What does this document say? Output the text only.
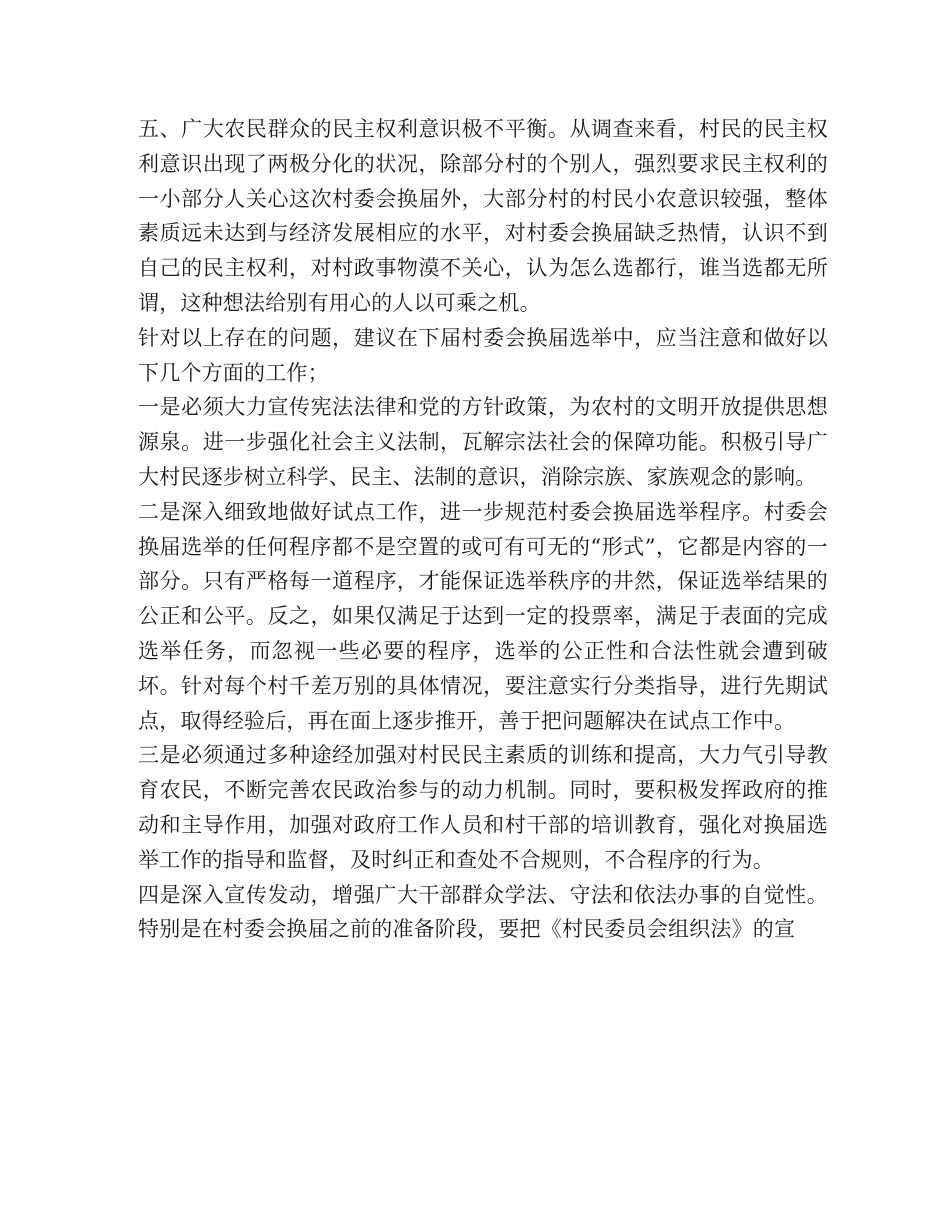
五、广大农民群众的民主权利意识极不平衡。从调查来看，村民的民主权利意识出现了两极分化的状况，除部分村的个别人，强烈要求民主权利的一小部分人关心这次村委会换届外，大部分村的村民小农意识较强，整体素质远未达到与经济发展相应的水平，对村委会换届缺乏热情，认识不到自己的民主权利，对村政事物漠不关心，认为怎么选都行，谁当选都无所谓，这种想法给别有用心的人以可乘之机。

针对以上存在的问题，建议在下届村委会换届选举中，应当注意和做好以下几个方面的工作；

一是必须大力宣传宪法法律和党的方针政策，为农村的文明开放提供思想源泉。进一步强化社会主义法制，瓦解宗法社会的保障功能。积极引导广大村民逐步树立科学、民主、法制的意识，消除宗族、家族观念的影响。

二是深入细致地做好试点工作，进一步规范村委会换届选举程序。村委会换届选举的任何程序都不是空置的或可有可无的“形式”，它都是内容的一部分。只有严格每一道程序，才能保证选举秩序的井然，保证选举结果的公正和公平。反之，如果仅满足于达到一定的投票率，满足于表面的完成选举任务，而忽视一些必要的程序，选举的公正性和合法性就会遭到破坏。针对每个村千差万别的具体情况，要注意实行分类指导，进行先期试点，取得经验后，再在面上逐步推开，善于把问题解决在试点工作中。

三是必须通过多种途经加强对村民民主素质的训练和提高，大力气引导教育农民，不断完善农民政治参与的动力机制。同时，要积极发挥政府的推动和主导作用，加强对政府工作人员和村干部的培训教育，强化对换届选举工作的指导和监督，及时纠正和查处不合规则，不合程序的行为。

四是深入宣传发动，增强广大干部群众学法、守法和依法办事的自觉性。特别是在村委会换届之前的准备阶段，要把《村民委员会组织法》的宣
